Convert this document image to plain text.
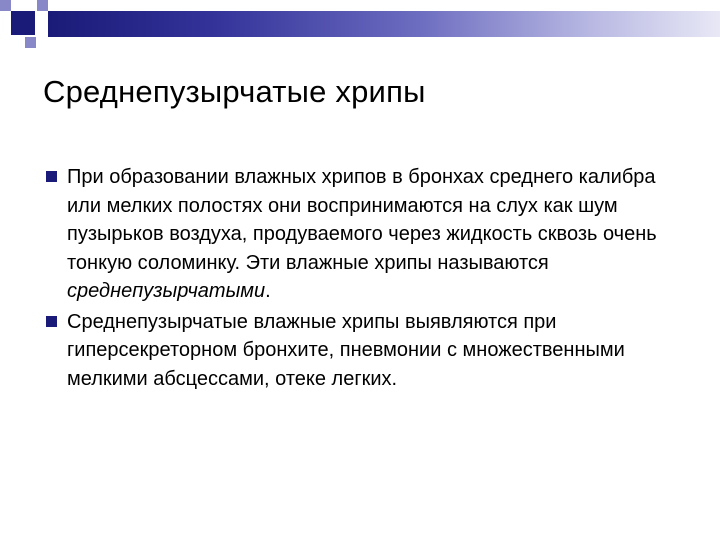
Среднепузырчатые хрипы
При образовании влажных хрипов в бронхах среднего калибра или мелких полостях они воспринимаются на слух как шум пузырьков воздуха, продуваемого через жидкость сквозь очень тонкую соломинку. Эти влажные хрипы называются среднепузырчатыми.
Среднепузырчатые влажные хрипы выявляются при гиперсекреторном бронхите, пневмонии с множественными мелкими абсцессами, отеке легких.
